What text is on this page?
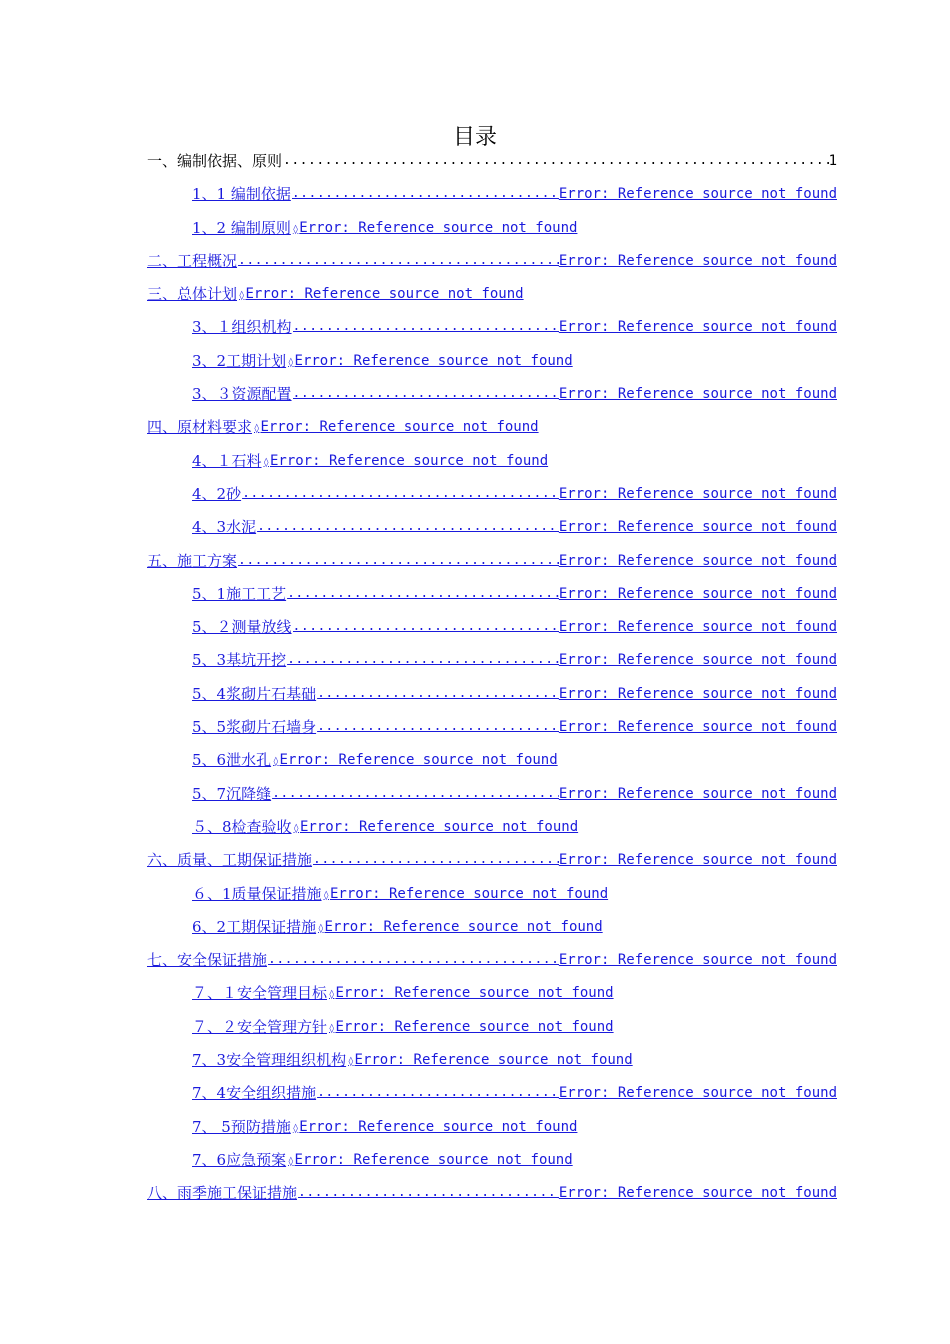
目录
一、编制依据、原则 .....	1
1、1 编制依据 .....	Error: Reference source not found
1、2 编制原则 ◊ Error: Reference source not found
二、工程概况 .....	Error: Reference source not found
三、总体计划 ◊ Error: Reference source not found
3、１组织机构 .....	Error: Reference source not found
3、2工期计划 ◊ Error: Reference source not found
3、３资源配置 .....	Error: Reference source not found
四、原材料要求 ◊ Error: Reference source not found
4、１石料 ◊ Error: Reference source not found
4、2砂 .....	Error: Reference source not found
4、3水泥 .....	Error: Reference source not found
五、施工方案 .....	Error: Reference source not found
5、1施工工艺 .....	Error: Reference source not found
5、２测量放线 .....	Error: Reference source not found
5、3基坑开挖 .....	Error: Reference source not found
5、4浆砌片石基础 .....	Error: Reference source not found
5、5浆砌片石墙身 .....	Error: Reference source not found
5、6泄水孔 ◊ Error: Reference source not found
5、7沉降缝 .....	Error: Reference source not found
５、8检查验收 ◊ Error: Reference source not found
六、质量、工期保证措施 .....	Error: Reference source not found
６、1质量保证措施 ◊ Error: Reference source not found
6、2工期保证措施 ◊ Error: Reference source not found
七、安全保证措施 .....	Error: Reference source not found
７、１安全管理目标 ◊ Error: Reference source not found
７、２安全管理方针 ◊ Error: Reference source not found
7、3安全管理组织机构 ◊ Error: Reference source not found
7、4安全组织措施 .....	Error: Reference source not found
7、 5预防措施 ◊ Error: Reference source not found
7、6应急预案 ◊ Error: Reference source not found
八、雨季施工保证措施 .....	Error: Reference source not found
